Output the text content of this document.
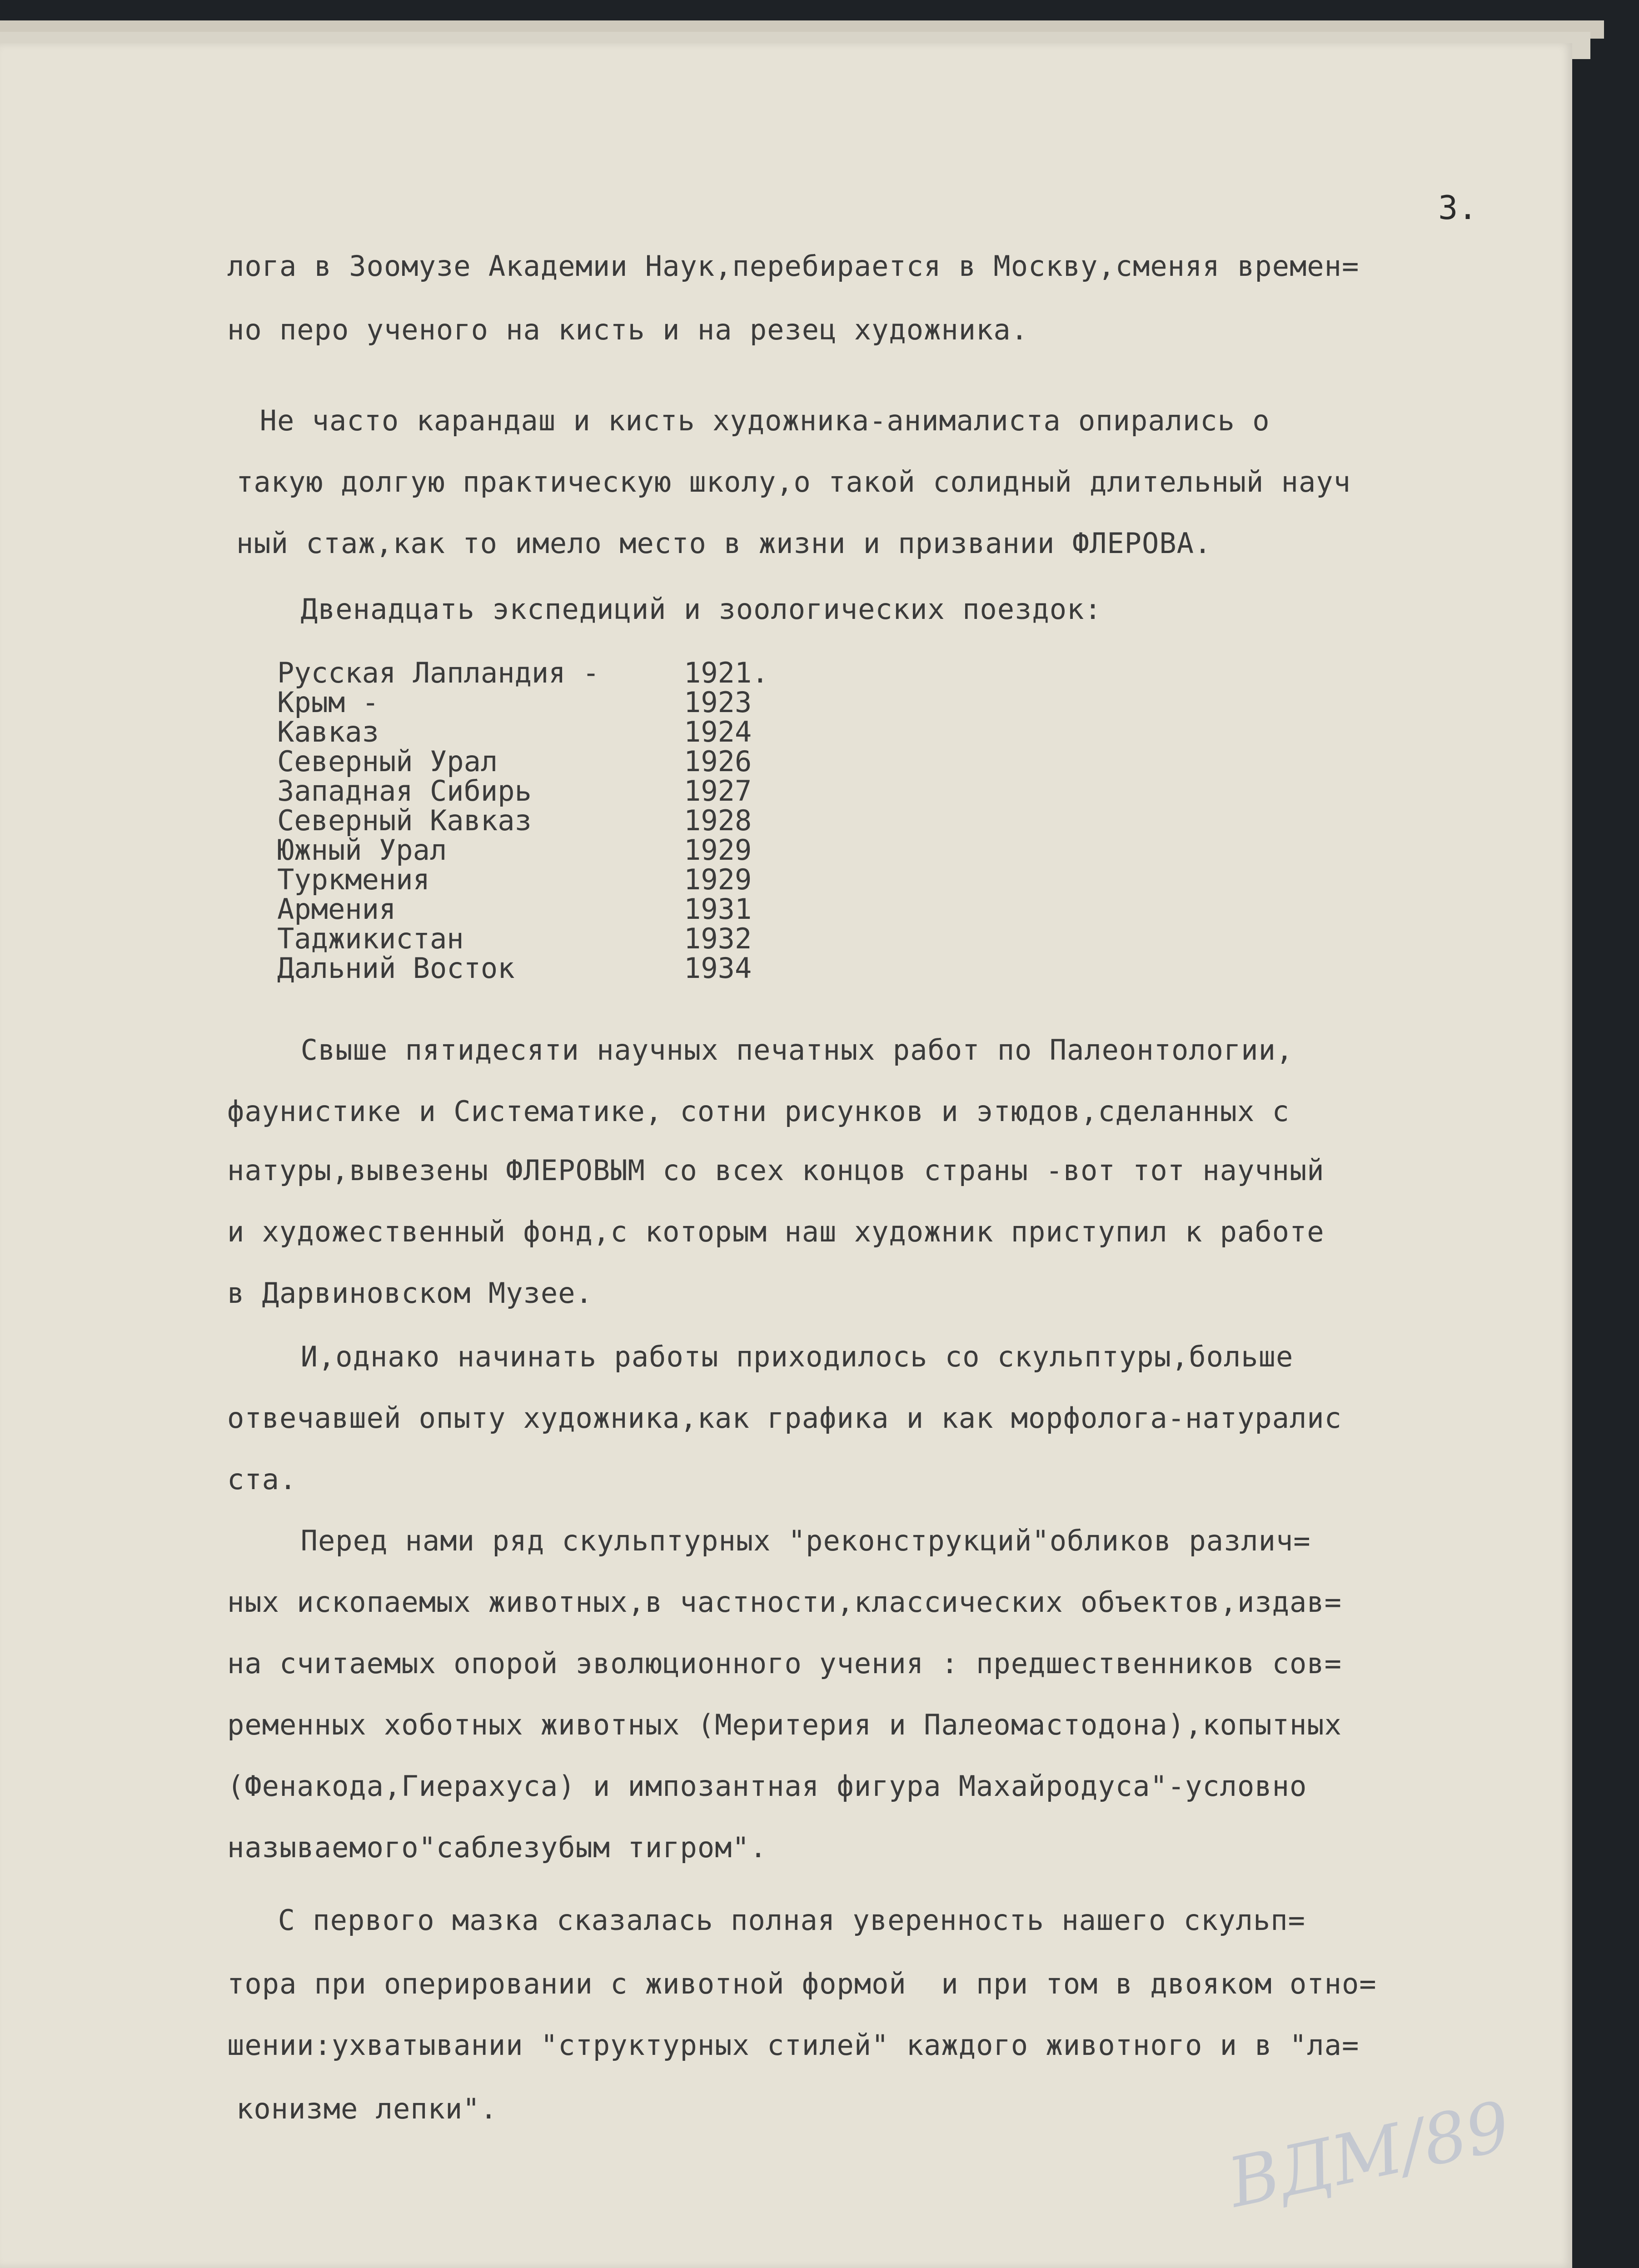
3.
лога в Зоомузе Академии Наук,перебирается в Москву,сменяя времен=
но перо ученого на кисть и на резец художника.
Не часто карандаш и кисть художника-анималиста опирались о
такую долгую практическую школу,о такой солидный длительный науч
ный стаж,как то имело место в жизни и призвании ФЛЕРОВА.
Двенадцать экспедиций и зоологических поездок:
Русская Лапландия -	1921.
Крым -	1923
Кавказ	1924
Северный Урал	1926
Западная Сибирь	1927
Северный Кавказ	1928
Южный Урал	1929
Туркмения	1929
Армения	1931
Таджикистан	1932
Дальний Восток	1934
Свыше пятидесяти научных печатных работ по Палеонтологии,
фаунистике и Систематике, сотни рисунков и этюдов,сделанных с
натуры,вывезены ФЛЕРОВЫМ со всех концов страны -вот тот научный
и художественный фонд,с которым наш художник приступил к работе
в Дарвиновском Музее.
И,однако начинать работы приходилось со скульптуры,больше
отвечавшей опыту художника,как графика и как морфолога-натуралис
ста.
Перед нами ряд скульптурных "реконструкций"обликов различ=
ных ископаемых животных,в частности,классических объектов,издав=
на считаемых опорой эволюционного учения : предшественников сов=
ременных хоботных животных (Меритерия и Палеомастодона),копытных
(Фенакода,Гиерахуса) и импозантная фигура Махайродуса"-условно
называемого"саблезубым тигром".
С первого мазка сказалась полная уверенность нашего скульп=
тора при оперировании с животной формой  и при том в двояком отно=
шении:ухватывании "структурных стилей" каждого животного и в "ла=
конизме лепки".	ВДМ/89
